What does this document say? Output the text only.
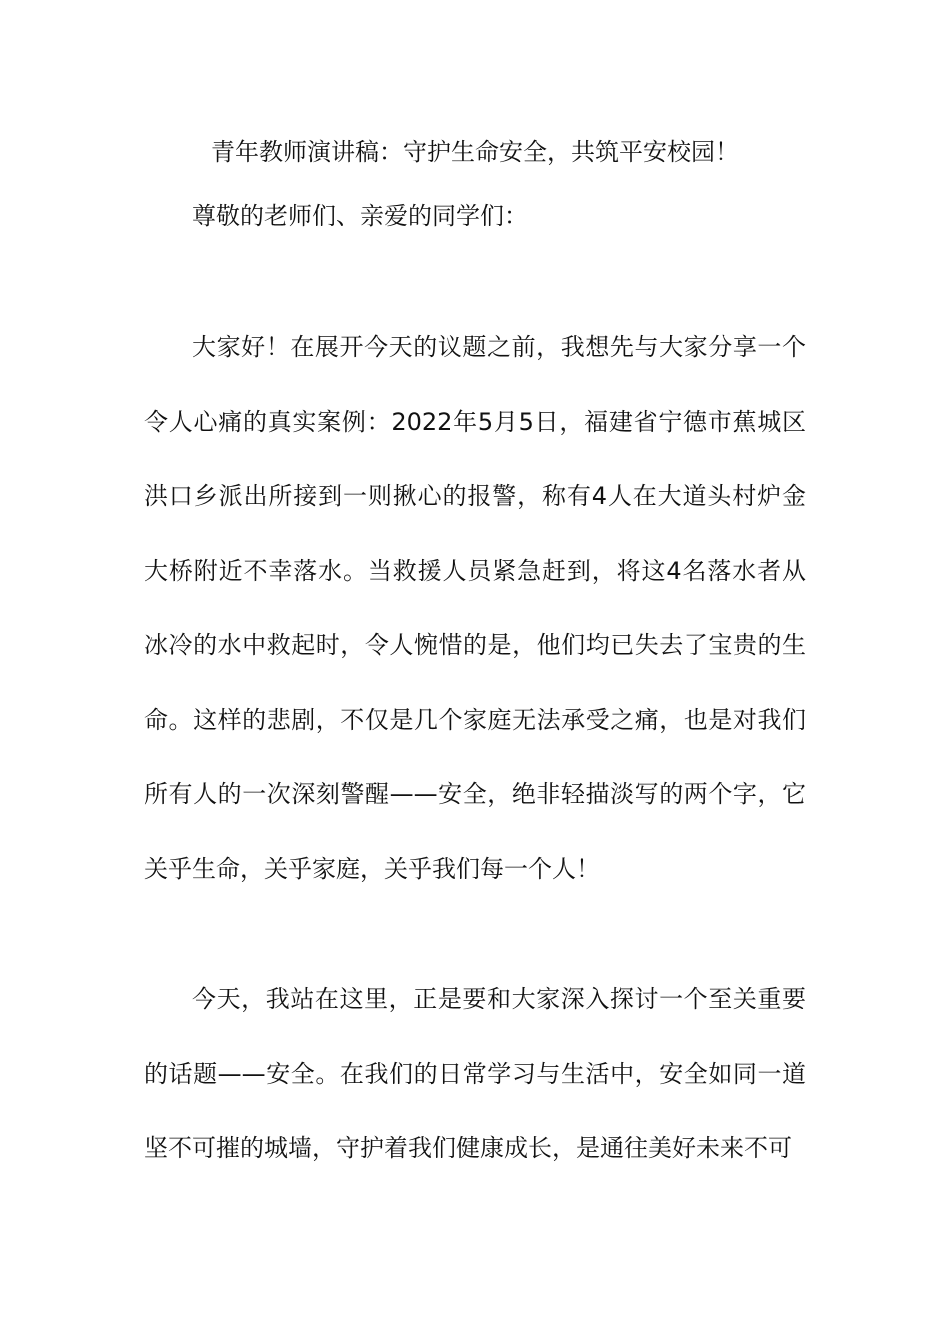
青年教师演讲稿：守护生命安全，共筑平安校园！
尊敬的老师们、亲爱的同学们：

大家好！在展开今天的议题之前，我想先与大家分享一个令人心痛的真实案例：2022年5月5日，福建省宁德市蕉城区洪口乡派出所接到一则揪心的报警，称有4人在大道头村炉金大桥附近不幸落水。当救援人员紧急赶到，将这4名落水者从冰冷的水中救起时，令人惋惜的是，他们均已失去了宝贵的生命。这样的悲剧，不仅是几个家庭无法承受之痛，也是对我们所有人的一次深刻警醒——安全，绝非轻描淡写的两个字，它关乎生命，关乎家庭，关乎我们每一个人！

今天，我站在这里，正是要和大家深入探讨一个至关重要的话题——安全。在我们的日常学习与生活中，安全如同一道坚不可摧的城墙，守护着我们健康成长，是通往美好未来不可
